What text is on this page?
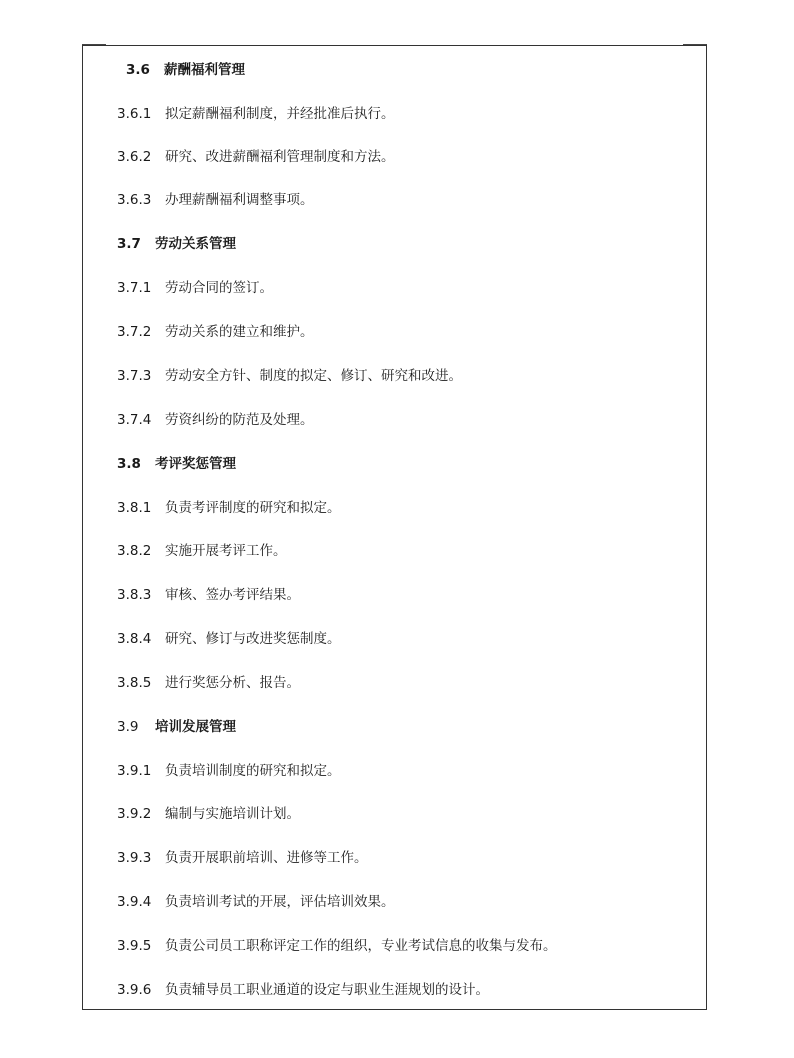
3.6 薪酬福利管理
3.6.1 拟定薪酬福利制度，并经批准后执行。
3.6.2 研究、改进薪酬福利管理制度和方法。
3.6.3 办理薪酬福利调整事项。
3.7 劳动关系管理
3.7.1 劳动合同的签订。
3.7.2 劳动关系的建立和维护。
3.7.3 劳动安全方针、制度的拟定、修订、研究和改进。
3.7.4 劳资纠纷的防范及处理。
3.8 考评奖惩管理
3.8.1 负责考评制度的研究和拟定。
3.8.2 实施开展考评工作。
3.8.3 审核、签办考评结果。
3.8.4 研究、修订与改进奖惩制度。
3.8.5 进行奖惩分析、报告。
3.9 培训发展管理
3.9.1 负责培训制度的研究和拟定。
3.9.2 编制与实施培训计划。
3.9.3 负责开展职前培训、进修等工作。
3.9.4 负责培训考试的开展，评估培训效果。
3.9.5 负责公司员工职称评定工作的组织，专业考试信息的收集与发布。
3.9.6 负责辅导员工职业通道的设定与职业生涯规划的设计。
